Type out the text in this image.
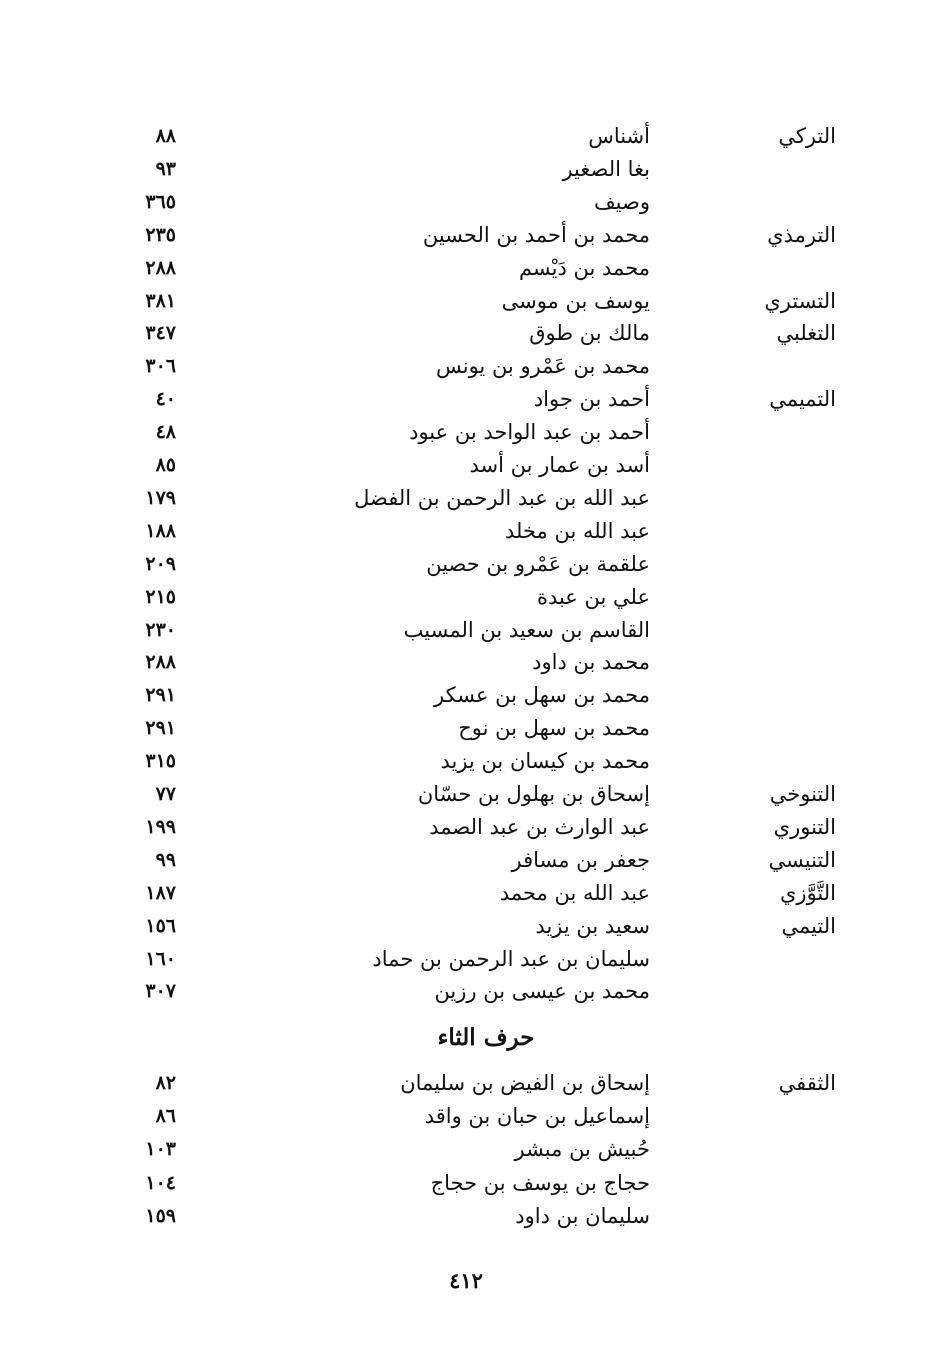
التركي
أشناس
٨٨
بغا الصغير
٩٣
وصيف
٣٦٥
الترمذي
محمد بن أحمد بن الحسين
٢٣٥
محمد بن دَيْسم
٢٨٨
التستري
يوسف بن موسى
٣٨١
التغلبي
مالك بن طوق
٣٤٧
محمد بن عَمْرو بن يونس
٣٠٦
التميمي
أحمد بن جواد
٤٠
أحمد بن عبد الواحد بن عبود
٤٨
أسد بن عمار بن أسد
٨٥
عبد الله بن عبد الرحمن بن الفضل
١٧٩
عبد الله بن مخلد
١٨٨
علقمة بن عَمْرو بن حصين
٢٠٩
علي بن عبدة
٢١٥
القاسم بن سعيد بن المسيب
٢٣٠
محمد بن داود
٢٨٨
محمد بن سهل بن عسكر
٢٩١
محمد بن سهل بن نوح
٢٩١
محمد بن كيسان بن يزيد
٣١٥
التنوخي
إسحاق بن بهلول بن حسّان
٧٧
التنوري
عبد الوارث بن عبد الصمد
١٩٩
التنيسي
جعفر بن مسافر
٩٩
التَّوَّزي
عبد الله بن محمد
١٨٧
التيمي
سعيد بن يزيد
١٥٦
سليمان بن عبد الرحمن بن حماد
١٦٠
محمد بن عيسى بن رزين
٣٠٧
حرف الثاء
الثقفي
إسحاق بن الفيض بن سليمان
٨٢
إسماعيل بن حبان بن واقد
٨٦
حُبيش بن مبشر
١٠٣
حجاج بن يوسف بن حجاج
١٠٤
سليمان بن داود
١٥٩
٤١٢
